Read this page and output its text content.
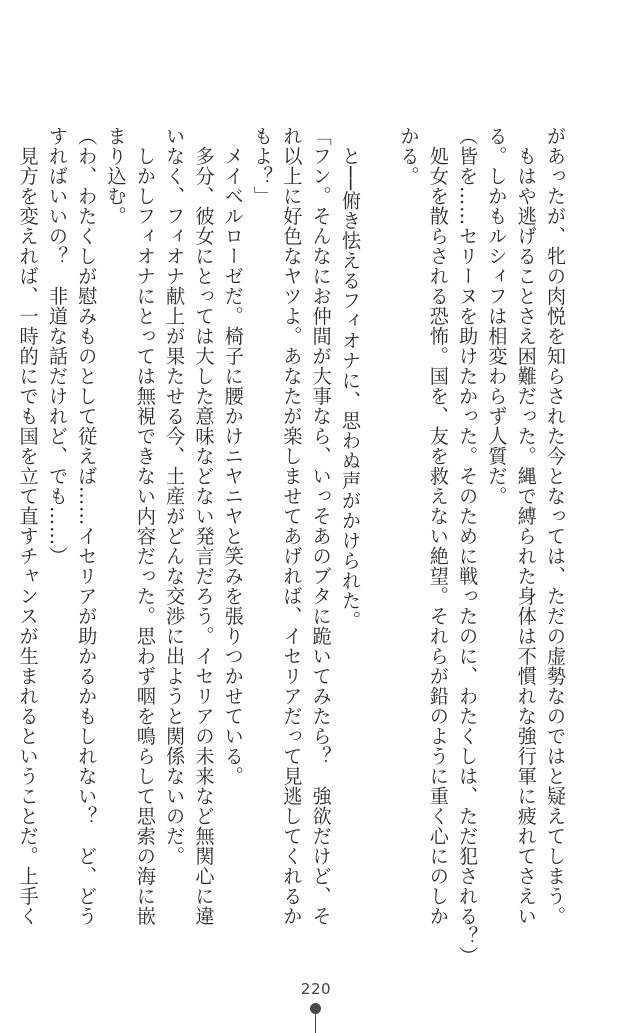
があったが、牝の肉悦を知らされた今となっては、ただの虚勢なのではと疑えてしまう。
　もはや逃げることさえ困難だった。縄で縛られた身体は不慣れな強行軍に疲れてさえい
る。しかもルシィフは相変わらず人質だ。
（皆を……セリーヌを助けたかった。そのために戦ったのに、わたくしは、ただ犯される？）
　処女を散らされる恐怖。国を、友を救えない絶望。それらが鉛のように重く心にのしか
かる。
　と──俯き怯えるフィオナに、思わぬ声がかけられた。
「フン。そんなにお仲間が大事なら、いっそあのブタに跪いてみたら？　強欲だけど、そ
れ以上に好色なヤツよ。あなたが楽しませてあげれば、イセリアだって見逃してくれるか
もよ？」
　メイベルローゼだ。椅子に腰かけニヤニヤと笑みを張りつかせている。
　多分、彼女にとっては大した意味などない発言だろう。イセリアの未来など無関心に違
いなく、フィオナ献上が果たせる今、土産がどんな交渉に出ようと関係ないのだ。
　しかしフィオナにとっては無視できない内容だった。思わず咽を鳴らして思索の海に嵌
まり込む。
（わ、わたくしが慰みものとして従えば……イセリアが助かるかもしれない？　ど、どう
すればいいの？　非道な話だけれど、でも……）
　見方を変えれば、一時的にでも国を立て直すチャンスが生まれるということだ。上手く
220
